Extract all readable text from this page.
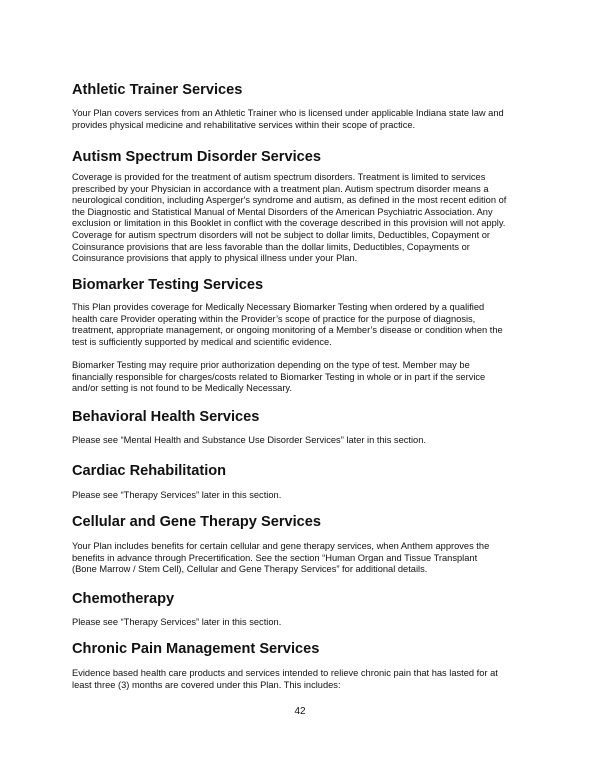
Athletic Trainer Services
Your Plan covers services from an Athletic Trainer who is licensed under applicable Indiana state law and
provides physical medicine and rehabilitative services within their scope of practice.
Autism Spectrum Disorder Services
Coverage is provided for the treatment of autism spectrum disorders. Treatment is limited to services
prescribed by your Physician in accordance with a treatment plan. Autism spectrum disorder means a
neurological condition, including Asperger's syndrome and autism, as defined in the most recent edition of
the Diagnostic and Statistical Manual of Mental Disorders of the American Psychiatric Association. Any
exclusion or limitation in this Booklet in conflict with the coverage described in this provision will not apply.
Coverage for autism spectrum disorders will not be subject to dollar limits, Deductibles, Copayment or
Coinsurance provisions that are less favorable than the dollar limits, Deductibles, Copayments or
Coinsurance provisions that apply to physical illness under your Plan.
Biomarker Testing Services
This Plan provides coverage for Medically Necessary Biomarker Testing when ordered by a qualified
health care Provider operating within the Provider’s scope of practice for the purpose of diagnosis,
treatment, appropriate management, or ongoing monitoring of a Member’s disease or condition when the
test is sufficiently supported by medical and scientific evidence.
Biomarker Testing may require prior authorization depending on the type of test. Member may be
financially responsible for charges/costs related to Biomarker Testing in whole or in part if the service
and/or setting is not found to be Medically Necessary.
Behavioral Health Services
Please see “Mental Health and Substance Use Disorder Services” later in this section.
Cardiac Rehabilitation
Please see “Therapy Services” later in this section.
Cellular and Gene Therapy Services
Your Plan includes benefits for certain cellular and gene therapy services, when Anthem approves the
benefits in advance through Precertification. See the section “Human Organ and Tissue Transplant
(Bone Marrow / Stem Cell), Cellular and Gene Therapy Services” for additional details.
Chemotherapy
Please see “Therapy Services” later in this section.
Chronic Pain Management Services
Evidence based health care products and services intended to relieve chronic pain that has lasted for at
least three (3) months are covered under this Plan. This includes:
42
